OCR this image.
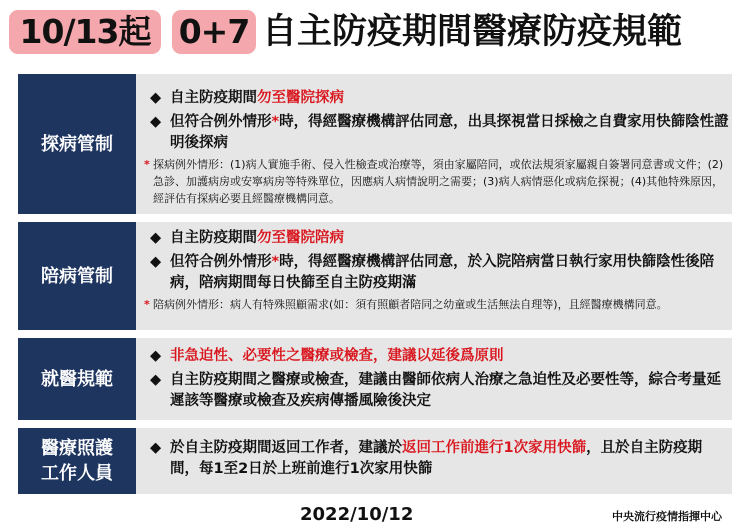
10/13起 0+7 自主防疫期間醫療防疫規範
探病管制
◆ 自主防疫期間勿至醫院探病
◆ 但符合例外情形*時，得經醫療機構評估同意，出具探視當日採檢之自費家用快篩陰性證明後探病
* 探病例外情形：(1)病人實施手術、侵入性檢查或治療等，須由家屬陪同，或依法規須家屬親自簽署同意書或文件；(2)急診、加護病房或安寧病房等特殊單位，因應病人病情說明之需要；(3)病人病情惡化或病危探視；(4)其他特殊原因，經評估有探病必要且經醫療機構同意。
陪病管制
◆ 自主防疫期間勿至醫院陪病
◆ 但符合例外情形*時，得經醫療機構評估同意，於入院陪病當日執行家用快篩陰性後陪病，陪病期間每日快篩至自主防疫期滿
* 陪病例外情形：病人有特殊照顧需求(如：須有照顧者陪同之幼童或生活無法自理等)，且經醫療機構同意。
就醫規範
◆ 非急迫性、必要性之醫療或檢查，建議以延後爲原則
◆ 自主防疫期間之醫療或檢查，建議由醫師依病人治療之急迫性及必要性等，綜合考量延遲該等醫療或檢查及疾病傳播風險後決定
醫療照護
工作人員
◆ 於自主防疫期間返回工作者，建議於返回工作前進行1次家用快篩，且於自主防疫期間，每1至2日於上班前進行1次家用快篩
2022/10/12	中央流行疫情指揮中心
